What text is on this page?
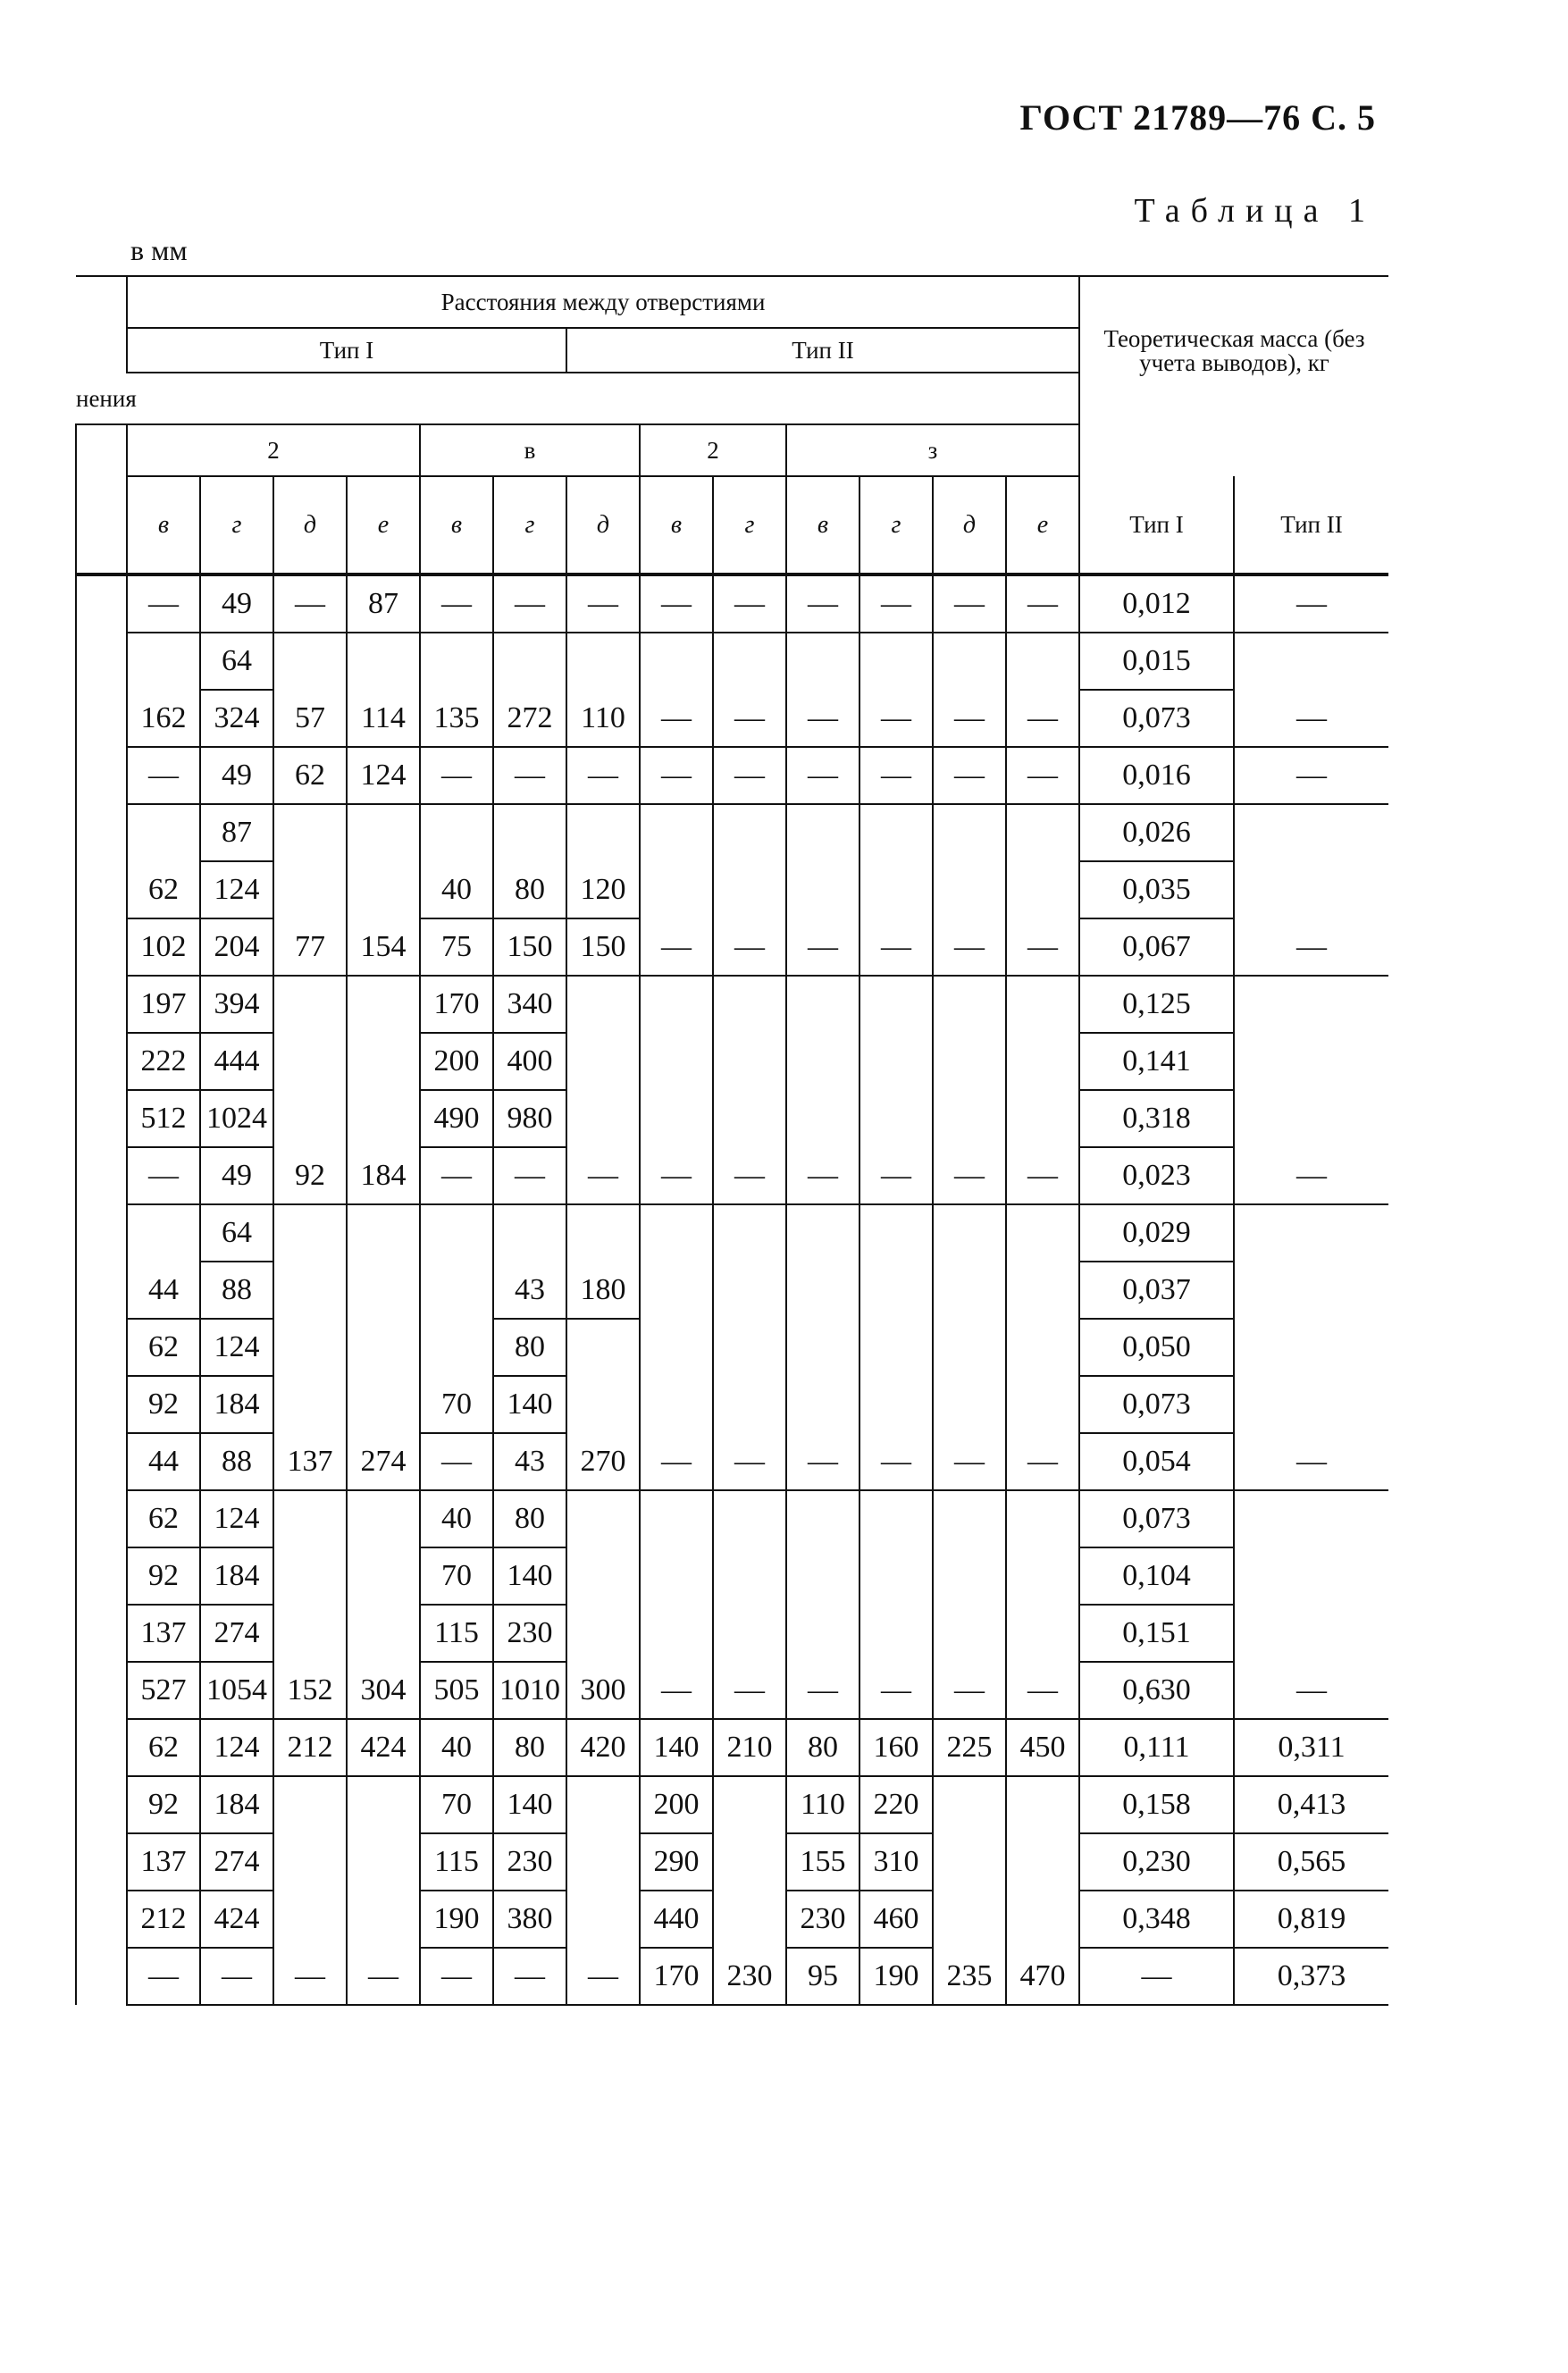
ГОСТ 21789—76 С. 5
Таблица 1
в мм
	Расстояния между отверстиями													Теоретическая масса (без учета выводов), кг	
	Тип I						Тип II								
нения															
	2				в			2		з					
	в	г	д	е	в	г	д	в	г	в	г	д	е	Тип I	Тип II
	—	49	—	87	—	—	—	—	—	—	—	—	—	0,012	—
		64												0,015	
	162	324	57	114	135	272	110	—	—	—	—	—	—	0,073	—
	—	49	62	124	—	—	—	—	—	—	—	—	—	0,016	—
		87												0,026	
	62	124			40	80	120							0,035	
	102	204	77	154	75	150	150	—	—	—	—	—	—	0,067	—
	197	394			170	340								0,125	
	222	444			200	400								0,141	
	512	1024			490	980								0,318	
	—	49	92	184	—	—	—	—	—	—	—	—	—	0,023	—
		64												0,029	
	44	88				43	180							0,037	
	62	124				80								0,050	
	92	184			70	140								0,073	
	44	88	137	274	—	43	270	—	—	—	—	—	—	0,054	—
	62	124			40	80								0,073	
	92	184			70	140								0,104	
	137	274			115	230								0,151	
	527	1054	152	304	505	1010	300	—	—	—	—	—	—	0,630	—
	62	124	212	424	40	80	420	140	210	80	160	225	450	0,111	0,311
	92	184			70	140		200		110	220			0,158	0,413
	137	274			115	230		290		155	310			0,230	0,565
	212	424			190	380		440		230	460			0,348	0,819
	—	—	—	—	—	—	—	170	230	95	190	235	470	—	0,373
